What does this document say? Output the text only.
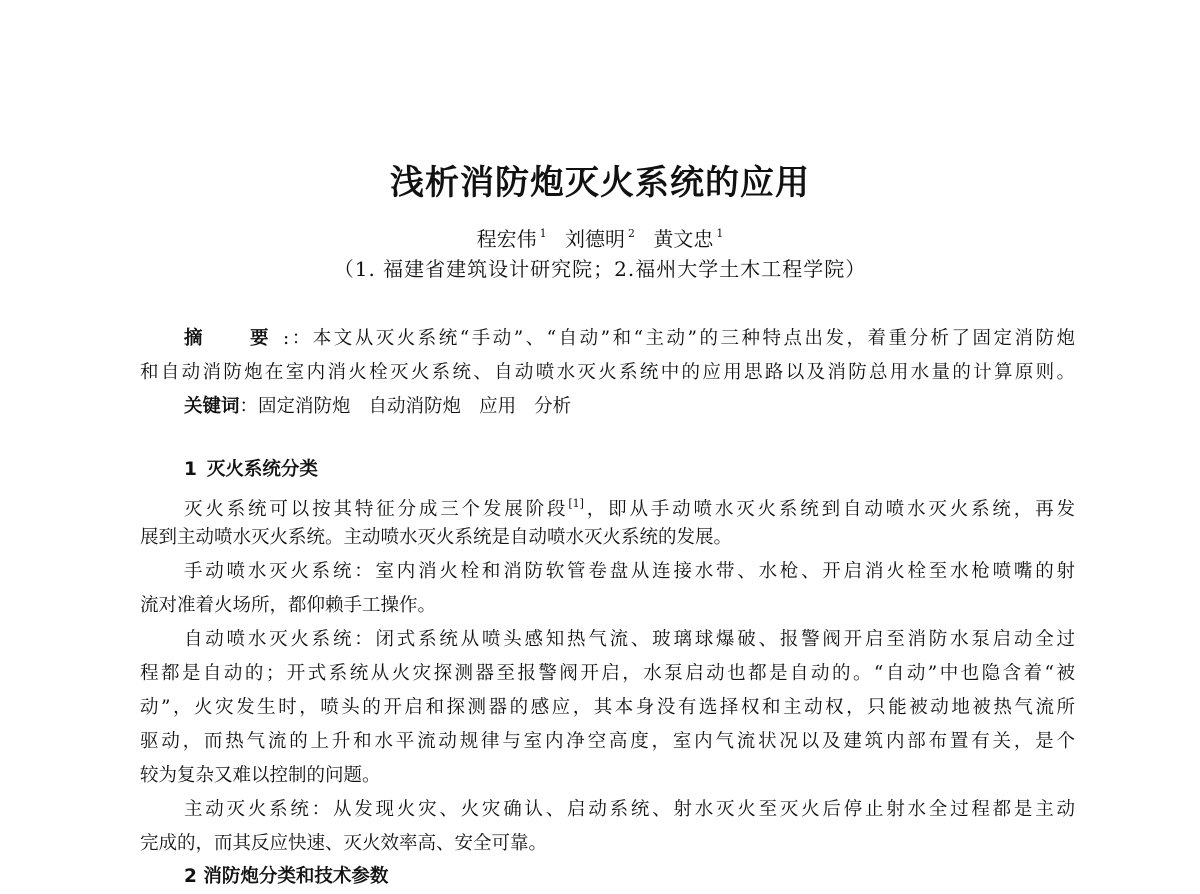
浅析消防炮灭火系统的应用
程宏伟 $^1$ 刘德明 $^2$ 黄文忠 $^1$
（1. 福建省建筑设计研究院；2.福州大学土木工程学院）
摘　要:：本文从灭火系统“手动”、“自动”和“主动”的三种特点出发，着重分析了固定消防炮
和自动消防炮在室内消火栓灭火系统、自动喷水灭火系统中的应用思路以及消防总用水量的计算原则。
关键词：固定消防炮 自动消防炮 应用 分析
1 灭火系统分类
灭火系统可以按其特征分成三个发展阶段[1]，即从手动喷水灭火系统到自动喷水灭火系统，再发
展到主动喷水灭火系统。主动喷水灭火系统是自动喷水灭火系统的发展。
手动喷水灭火系统：室内消火栓和消防软管卷盘从连接水带、水枪、开启消火栓至水枪喷嘴的射
流对准着火场所，都仰赖手工操作。
自动喷水灭火系统：闭式系统从喷头感知热气流、玻璃球爆破、报警阀开启至消防水泵启动全过
程都是自动的；开式系统从火灾探测器至报警阀开启，水泵启动也都是自动的。“自动”中也隐含着“被
动”，火灾发生时，喷头的开启和探测器的感应，其本身没有选择权和主动权，只能被动地被热气流所
驱动，而热气流的上升和水平流动规律与室内净空高度，室内气流状况以及建筑内部布置有关，是个
较为复杂又难以控制的问题。
主动灭火系统：从发现火灾、火灾确认、启动系统、射水灭火至灭火后停止射水全过程都是主动
完成的，而其反应快速、灭火效率高、安全可靠。
2 消防炮分类和技术参数
